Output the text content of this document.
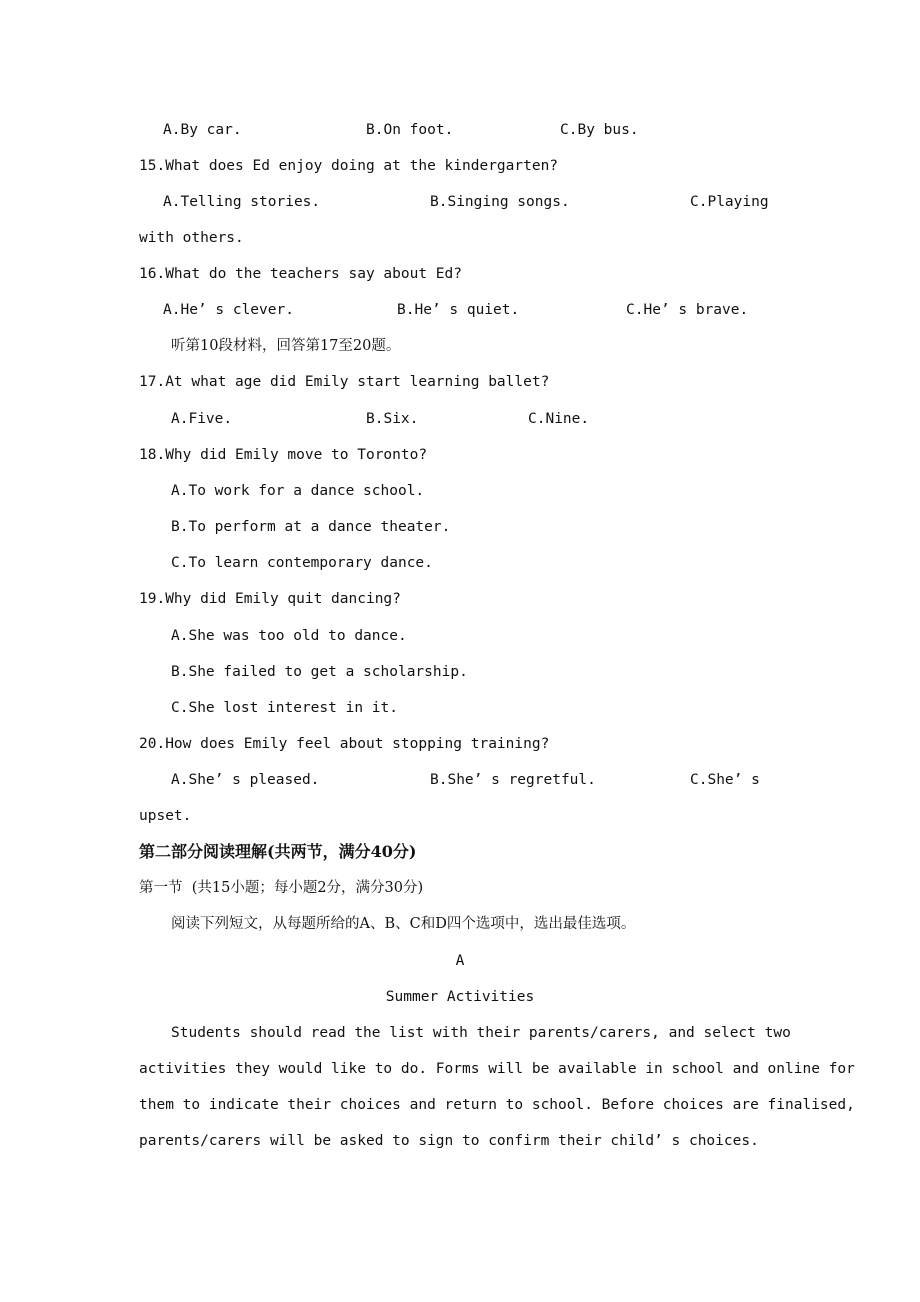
A.By car.	B.On foot.	C.By bus.
15.What does Ed enjoy doing at the kindergarten?
A.Telling stories.	B.Singing songs.	C.Playing
with others.
16.What do the teachers say about Ed?
A.He’ s clever.	B.He’ s quiet.	C.He’ s brave.
听第10段材料，回答第17至20题。
17.At what age did Emily start learning ballet?
A.Five.	B.Six.	C.Nine.
18.Why did Emily move to Toronto?
A.To work for a dance school.
B.To perform at a dance theater.
C.To learn contemporary dance.
19.Why did Emily quit dancing?
A.She was too old to dance.
B.She failed to get a scholarship.
C.She lost interest in it.
20.How does Emily feel about stopping training?
A.She’ s pleased.	B.She’ s regretful.	C.She’ s
upset.
第二部分阅读理解(共两节，满分40分)
第一节  (共15小题；每小题2分，满分30分)
阅读下列短文，从每题所给的A、B、C和D四个选项中，选出最佳选项。
A
Summer Activities
Students should read the list with their parents/carers, and select two
activities they would like to do. Forms will be available in school and online for
them to indicate their choices and return to school. Before choices are finalised,
parents/carers will be asked to sign to confirm their child’ s choices.
